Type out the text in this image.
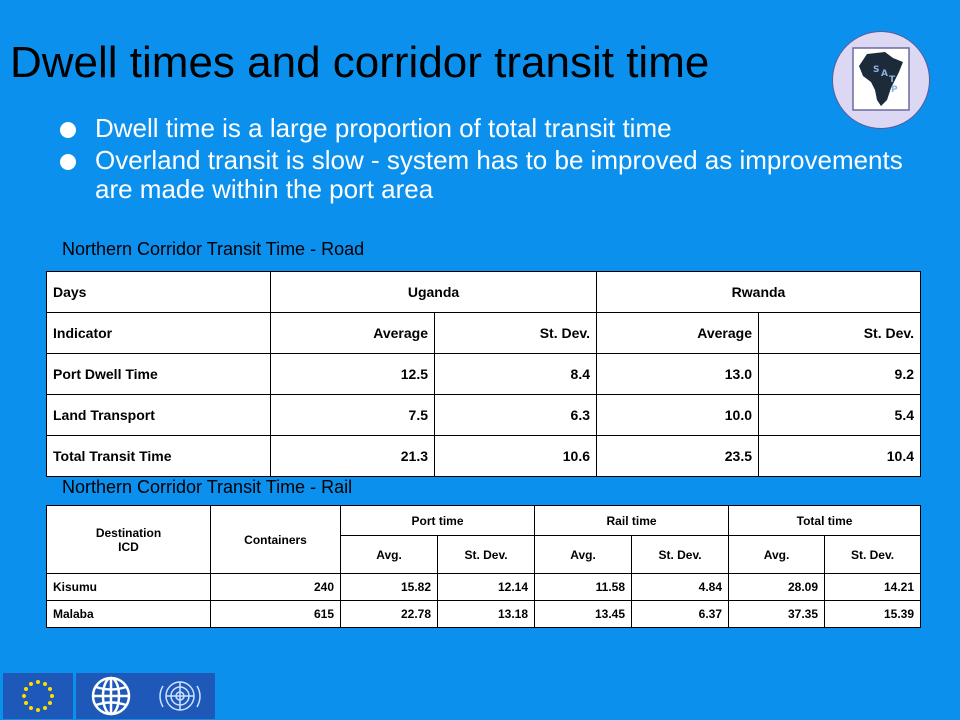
Dwell times and corridor transit time	S A
T
P
Dwell time is a large proportion of total transit time
Overland transit is slow - system has to be improved as improvements are made within the port area
Northern Corridor Transit Time - Road
Days	Uganda		Rwanda	
Indicator	Average	St. Dev.	Average	St. Dev.
Port Dwell Time	12.5	8.4	13.0	9.2
Land Transport	7.5	6.3	10.0	5.4
Total Transit Time	21.3	10.6	23.5	10.4
Northern Corridor Transit Time - Rail
Destination
ICD	Containers	Port time		Rail time		Total time	
		Avg.	St. Dev.	Avg.	St. Dev.	Avg.	St. Dev.
Kisumu	240	15.82	12.14	11.58	4.84	28.09	14.21
Malaba	615	22.78	13.18	13.45	6.37	37.35	15.39
